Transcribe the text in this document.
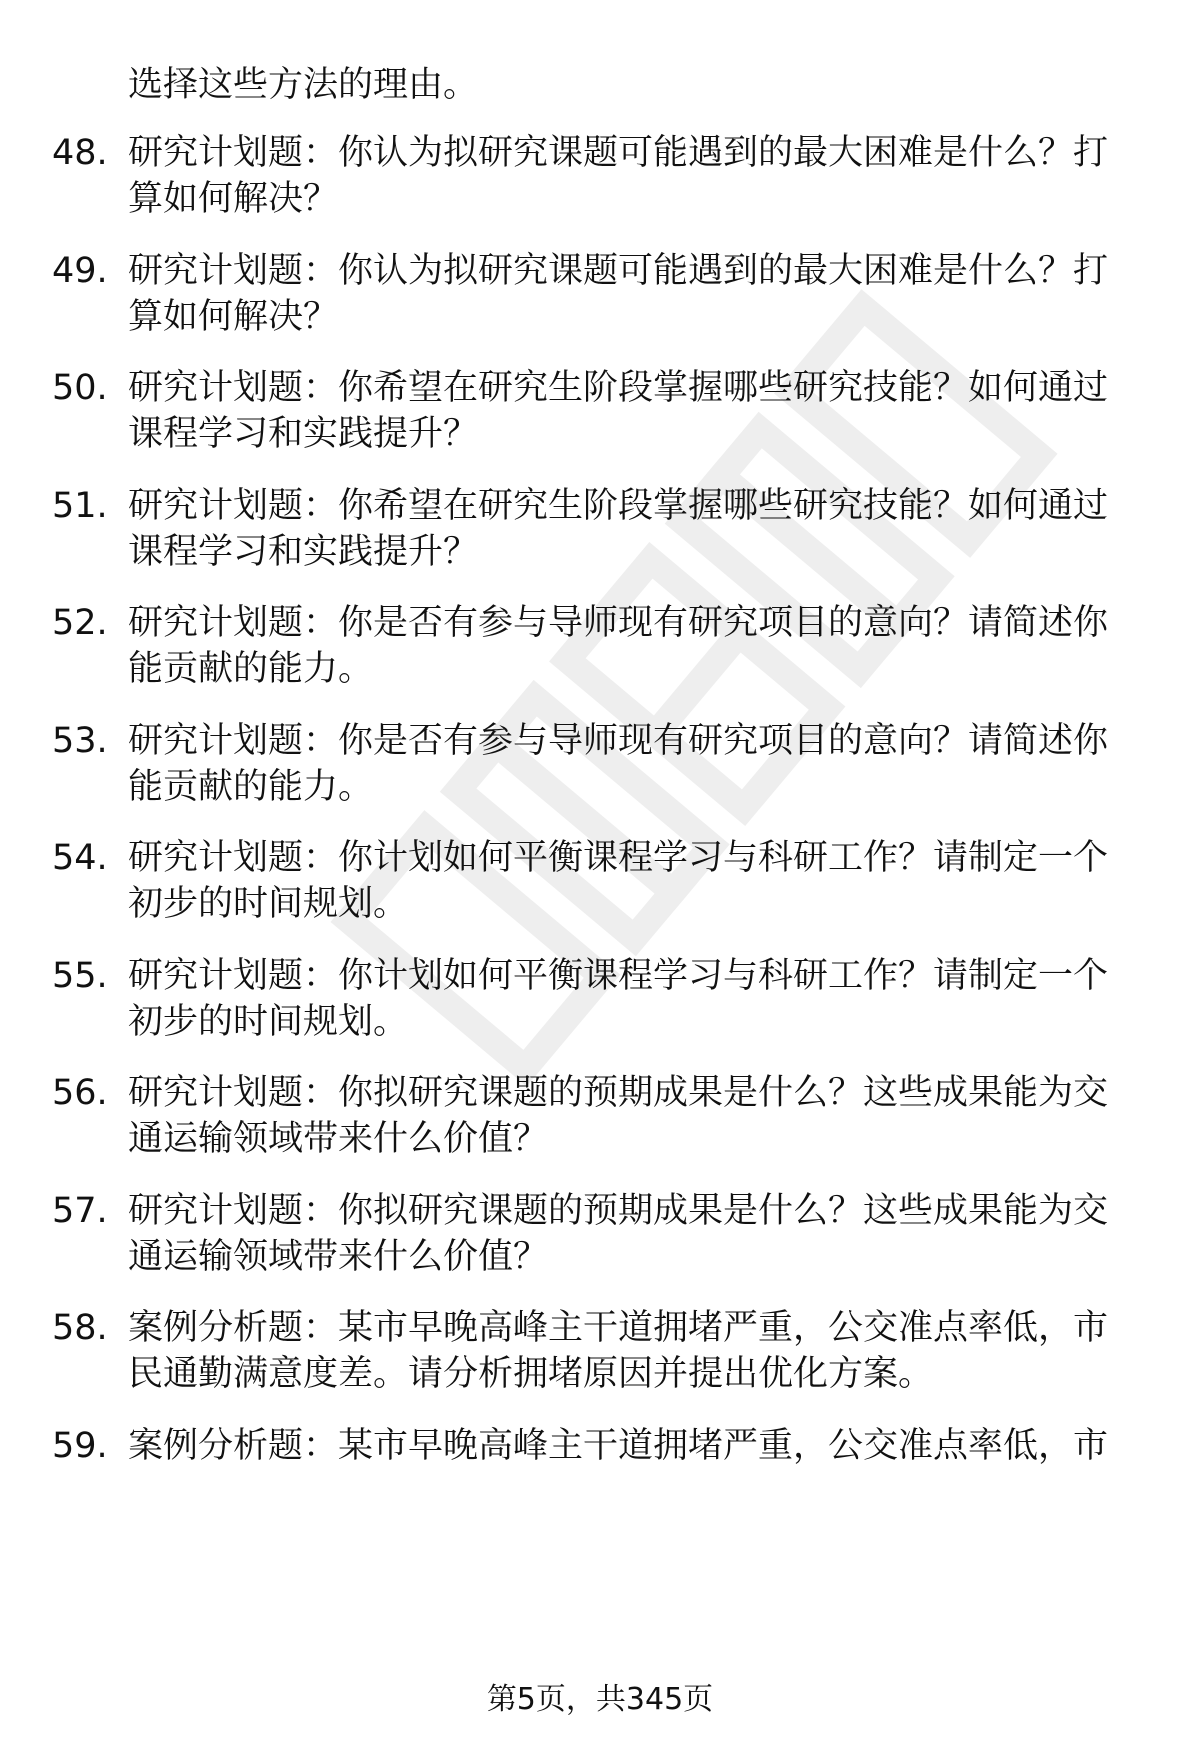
选择这些方法的理由。
48. 研究计划题：你认为拟研究课题可能遇到的最大困难是什么？打
算如何解决？
49. 研究计划题：你认为拟研究课题可能遇到的最大困难是什么？打
算如何解决？
50. 研究计划题：你希望在研究生阶段掌握哪些研究技能？如何通过
课程学习和实践提升？
51. 研究计划题：你希望在研究生阶段掌握哪些研究技能？如何通过
课程学习和实践提升？
52. 研究计划题：你是否有参与导师现有研究项目的意向？请简述你
能贡献的能力。
53. 研究计划题：你是否有参与导师现有研究项目的意向？请简述你
能贡献的能力。
54. 研究计划题：你计划如何平衡课程学习与科研工作？请制定一个
初步的时间规划。
55. 研究计划题：你计划如何平衡课程学习与科研工作？请制定一个
初步的时间规划。
56. 研究计划题：你拟研究课题的预期成果是什么？这些成果能为交
通运输领域带来什么价值？
57. 研究计划题：你拟研究课题的预期成果是什么？这些成果能为交
通运输领域带来什么价值？
58. 案例分析题：某市早晚高峰主干道拥堵严重，公交准点率低，市
民通勤满意度差。请分析拥堵原因并提出优化方案。
59. 案例分析题：某市早晚高峰主干道拥堵严重，公交准点率低，市
第5页，共345页
